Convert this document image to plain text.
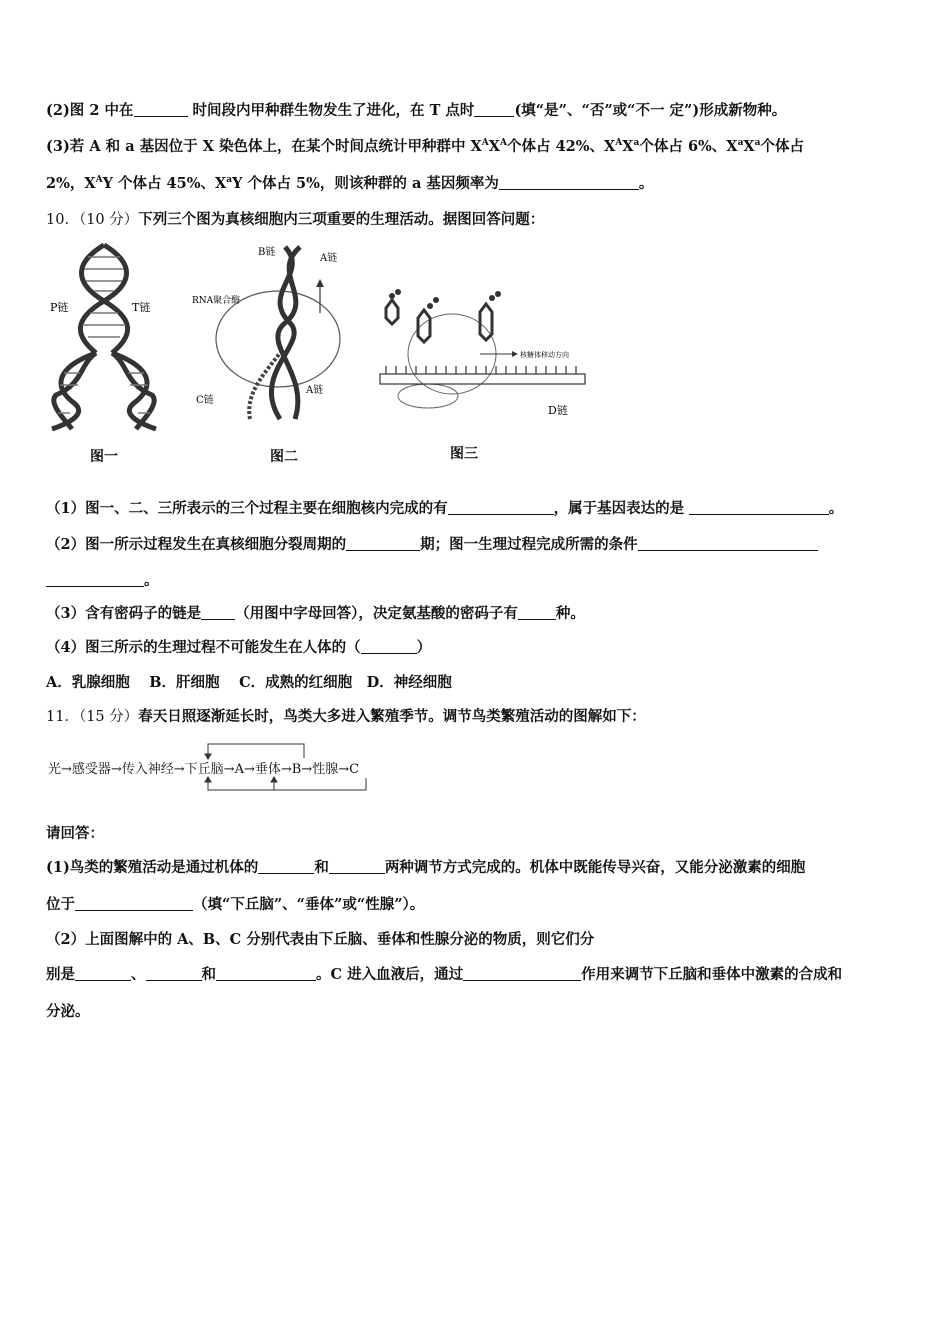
(2)图 2 中在	时间段内甲种群生物发生了进化，在 T 点时	(填“是”、“否”或“不一 定”)形成新物种。
(3)若 A 和 a 基因位于 X 染色体上，在某个时间点统计甲种群中 $X^AX^A$个体占 42%、$X^AX^a$个体占 6%、$X^aX^a$个体占
2%，$X^AY$ 个体占 45%、$X^aY$ 个体占 5%，则该种群的 a 基因频率为	。
10．（10 分）下列三个图为真核细胞内三项重要的生理活动。据图回答问题：
P链	T链
图一
B链
A链
RNA聚合酶
C链
A链
图二
核糖体移动方向
D链
图三
（1）图一、二、三所表示的三个过程主要在细胞核内完成的有	，属于基因表达的是	。
（2）图一所示过程发生在真核细胞分裂周期的	期；图一生理过程完成所需的条件
。
（3）含有密码子的链是 （用图中字母回答），决定氨基酸的密码子有	种。
（4）图三所示的生理过程不可能发生在人体的（	）
A．乳腺细胞　 B．肝细胞　 C．成熟的红细胞　D．神经细胞
11．（15 分）春天日照逐渐延长时，鸟类大多进入繁殖季节。调节鸟类繁殖活动的图解如下：
光→感受器→传入神经→下丘脑→A→垂体→B→性腺→C
请回答：
(1)鸟类的繁殖活动是通过机体的	和	两种调节方式完成的。机体中既能传导兴奋，又能分泌激素的细胞
位于	（填“下丘脑”、“垂体”或“性腺”）。
（2）上面图解中的 A、B、C 分别代表由下丘脑、垂体和性腺分泌的物质，则它们分
别是	、	和	。C 进入血液后，通过	作用来调节下丘脑和垂体中激素的合成和
分泌。
